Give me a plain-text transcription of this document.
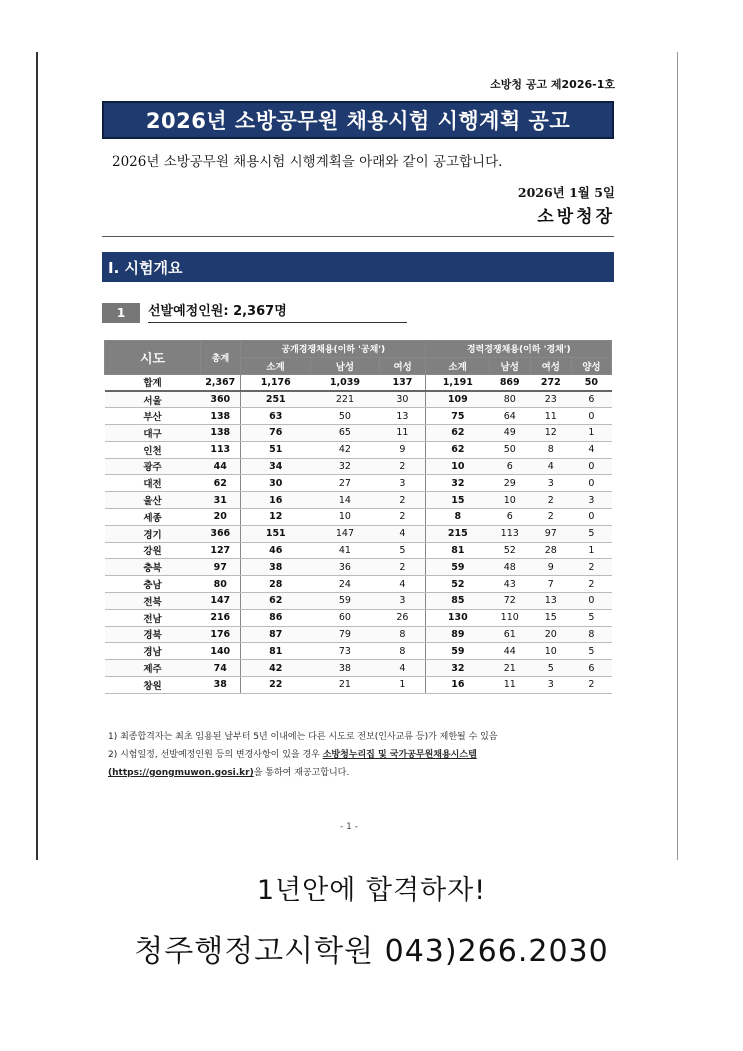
소방청 공고 제2026-1호
2026년 소방공무원 채용시험 시행계획 공고
2026년 소방공무원 채용시험 시행계획을 아래와 같이 공고합니다.
2026년 1월 5일
소방청장
Ⅰ. 시험개요
1	선발예정인원: 2,367명
시도	총계	공개경쟁채용(이하 '공채')			경력경쟁채용(이하 '경채')			
		소계	남성	여성	소계	남성	여성	양성
합계	2,367	1,176	1,039	137	1,191	869	272	50
서울	360	251	221	30	109	80	23	6
부산	138	63	50	13	75	64	11	0
대구	138	76	65	11	62	49	12	1
인천	113	51	42	9	62	50	8	4
광주	44	34	32	2	10	6	4	0
대전	62	30	27	3	32	29	3	0
울산	31	16	14	2	15	10	2	3
세종	20	12	10	2	8	6	2	0
경기	366	151	147	4	215	113	97	5
강원	127	46	41	5	81	52	28	1
충북	97	38	36	2	59	48	9	2
충남	80	28	24	4	52	43	7	2
전북	147	62	59	3	85	72	13	0
전남	216	86	60	26	130	110	15	5
경북	176	87	79	8	89	61	20	8
경남	140	81	73	8	59	44	10	5
제주	74	42	38	4	32	21	5	6
창원	38	22	21	1	16	11	3	2
1) 최종합격자는 최초 임용된 날부터 5년 이내에는 다른 시도로 전보(인사교류 등)가 제한될 수 있음
2) 시험일정, 선발예정인원 등의 변경사항이 있을 경우 소방청누리집 및 국가공무원채용시스템
(https://gongmuwon.gosi.kr)을 통하여 재공고합니다.
- 1 -
1년안에 합격하자!
청주행정고시학원 043)266.2030
